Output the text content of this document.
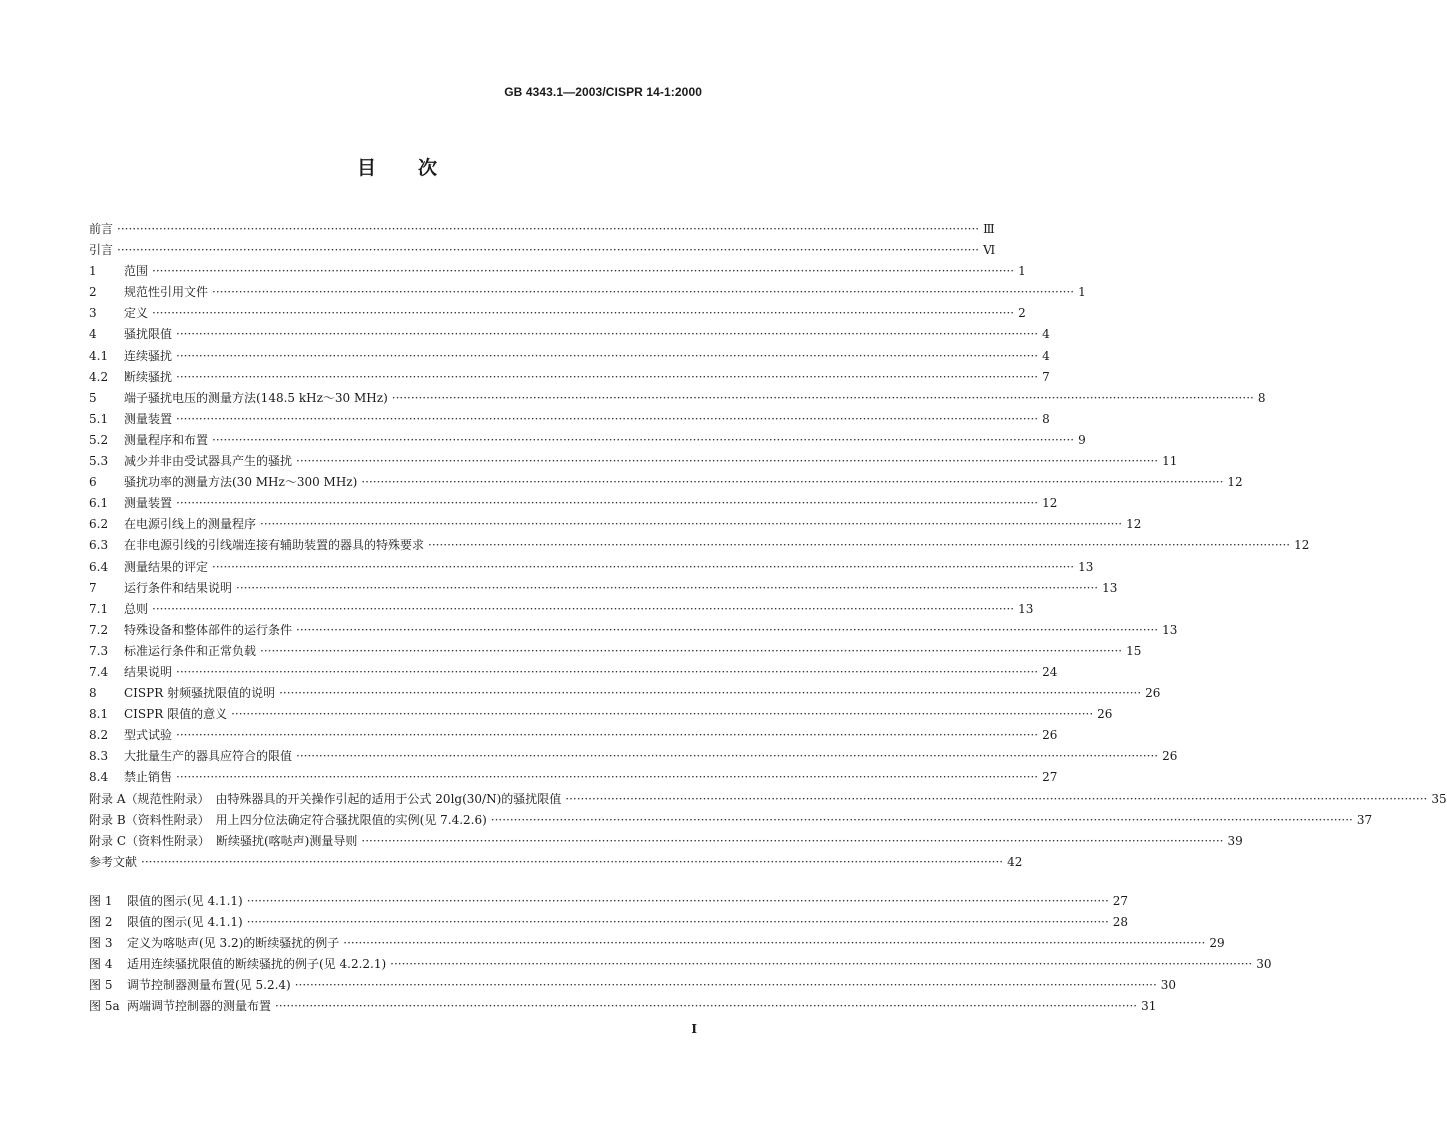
GB 4343.1—2003/CISPR 14-1:2000
目 次
前言 ·····	Ⅲ
引言 ·····	Ⅵ
1	范围 ·····	1
2	规范性引用文件 ·····	1
3	定义 ·····	2
4	骚扰限值 ·····	4
4.1	连续骚扰 ·····	4
4.2	断续骚扰 ·····	7
5	端子骚扰电压的测量方法(148.5 kHz～30 MHz) ·····	8
5.1	测量装置 ·····	8
5.2	测量程序和布置 ·····	9
5.3	减少并非由受试器具产生的骚扰 ·····	11
6	骚扰功率的测量方法(30 MHz～300 MHz) ·····	12
6.1	测量装置 ·····	12
6.2	在电源引线上的测量程序 ·····	12
6.3	在非电源引线的引线端连接有辅助装置的器具的特殊要求 ·····	12
6.4	测量结果的评定 ·····	13
7	运行条件和结果说明 ·····	13
7.1	总则 ·····	13
7.2	特殊设备和整体部件的运行条件 ·····	13
7.3	标准运行条件和正常负载 ·····	15
7.4	结果说明 ·····	24
8	CISPR 射频骚扰限值的说明 ·····	26
8.1	CISPR 限值的意义 ·····	26
8.2	型式试验 ·····	26
8.3	大批量生产的器具应符合的限值 ·····	26
8.4	禁止销售 ·····	27
附录 A（规范性附录）　由特殊器具的开关操作引起的适用于公式 20lg(30/N)的骚扰限值 ·····	35
附录 B（资料性附录）　用上四分位法确定符合骚扰限值的实例(见 7.4.2.6) ·····	37
附录 C（资料性附录）　断续骚扰(喀哒声)测量导则 ·····	39
参考文献 ·····	42
图 1	限值的图示(见 4.1.1) ·····	27
图 2	限值的图示(见 4.1.1) ·····	28
图 3	定义为喀哒声(见 3.2)的断续骚扰的例子 ·····	29
图 4	适用连续骚扰限值的断续骚扰的例子(见 4.2.2.1) ·····	30
图 5	调节控制器测量布置(见 5.2.4) ·····	30
图 5a 两端调节控制器的测量布置 ·····	31
I
